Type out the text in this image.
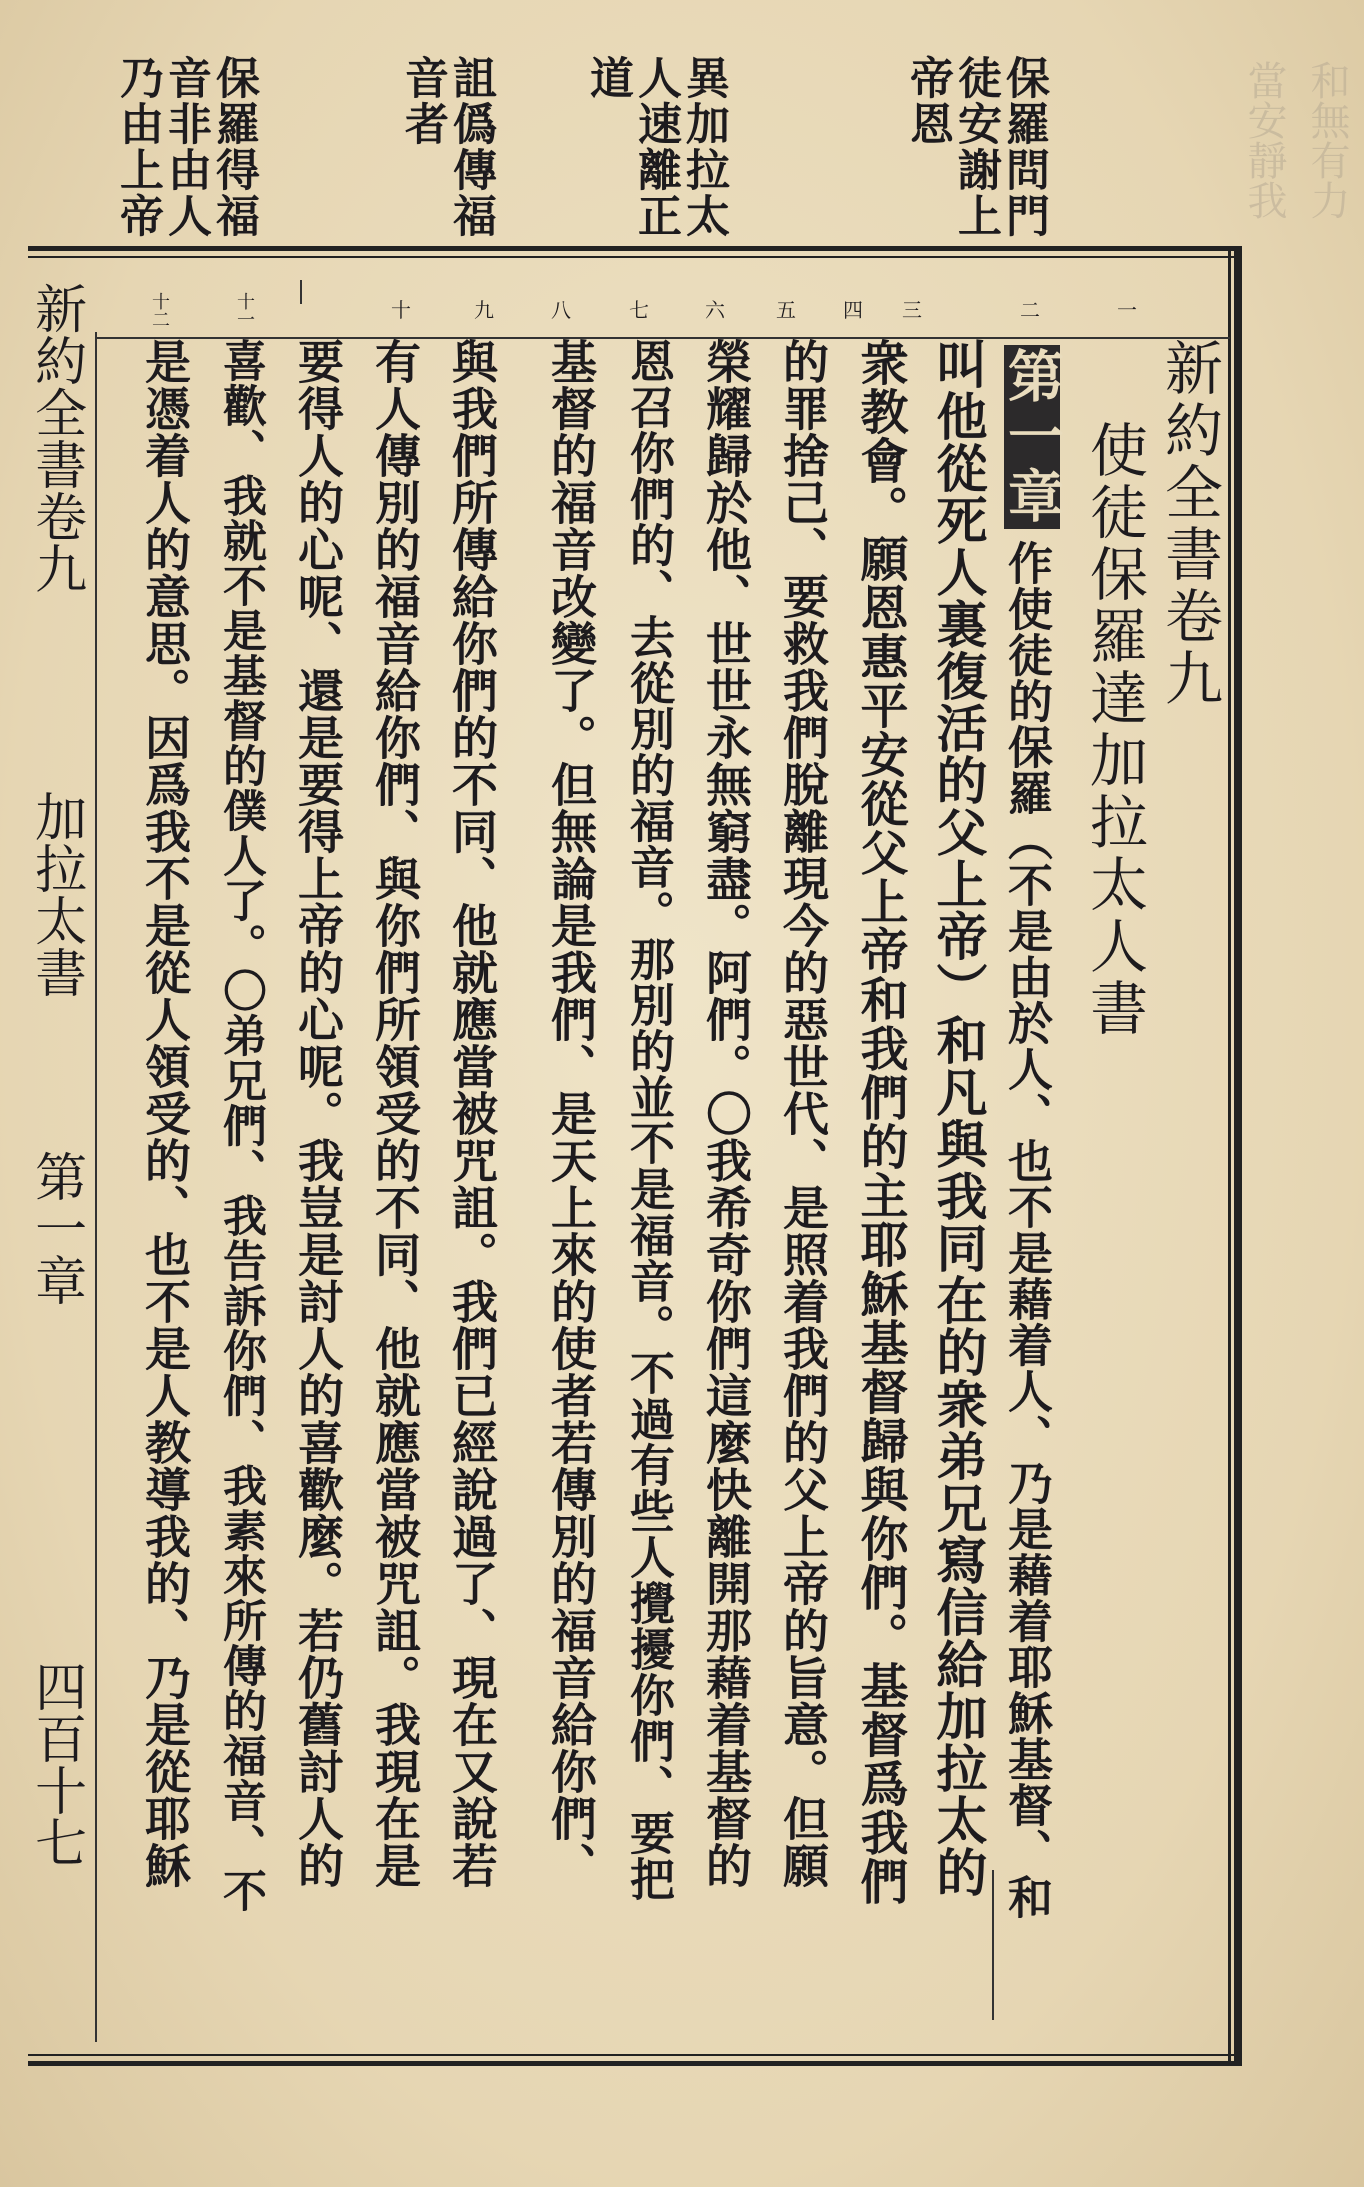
和無有力
當安靜我
保羅問門
徒安謝上
帝恩
異加拉太
人速離正
道
詛僞傳福
音者
保羅得福
音非由人
乃由上帝
一
二
三
四
五
六
七
八
九
十
十一
十二
新約全書卷九
加拉太書
第一章
四百十七
新約全書卷九
使徒保羅達加拉太人書
第一章
作使徒的保羅（不是由於人、也不是藉着人、乃是藉着耶穌基督、和
叫他從死人裏復活的父上帝）和凡與我同在的衆弟兄寫信給加拉太的
衆教會。願恩惠平安從父上帝和我們的主耶穌基督歸與你們。基督爲我們
的罪捨己、要救我們脫離現今的惡世代、是照着我們的父上帝的旨意。但願
榮耀歸於他、世世永無窮盡。阿們。〇我希奇你們這麼快離開那藉着基督的
恩召你們的、去從別的福音。那別的並不是福音。不過有些人攪擾你們、要把
基督的福音改變了。但無論是我們、是天上來的使者若傳別的福音給你們、
與我們所傳給你們的不同、他就應當被咒詛。我們已經說過了、現在又說若
有人傳別的福音給你們、與你們所領受的不同、他就應當被咒詛。我現在是
要得人的心呢、還是要得上帝的心呢。我豈是討人的喜歡麼。若仍舊討人的
喜歡、我就不是基督的僕人了。〇弟兄們、我告訴你們、我素來所傳的福音、不
是憑着人的意思。因爲我不是從人領受的、也不是人教導我的、乃是從耶穌
